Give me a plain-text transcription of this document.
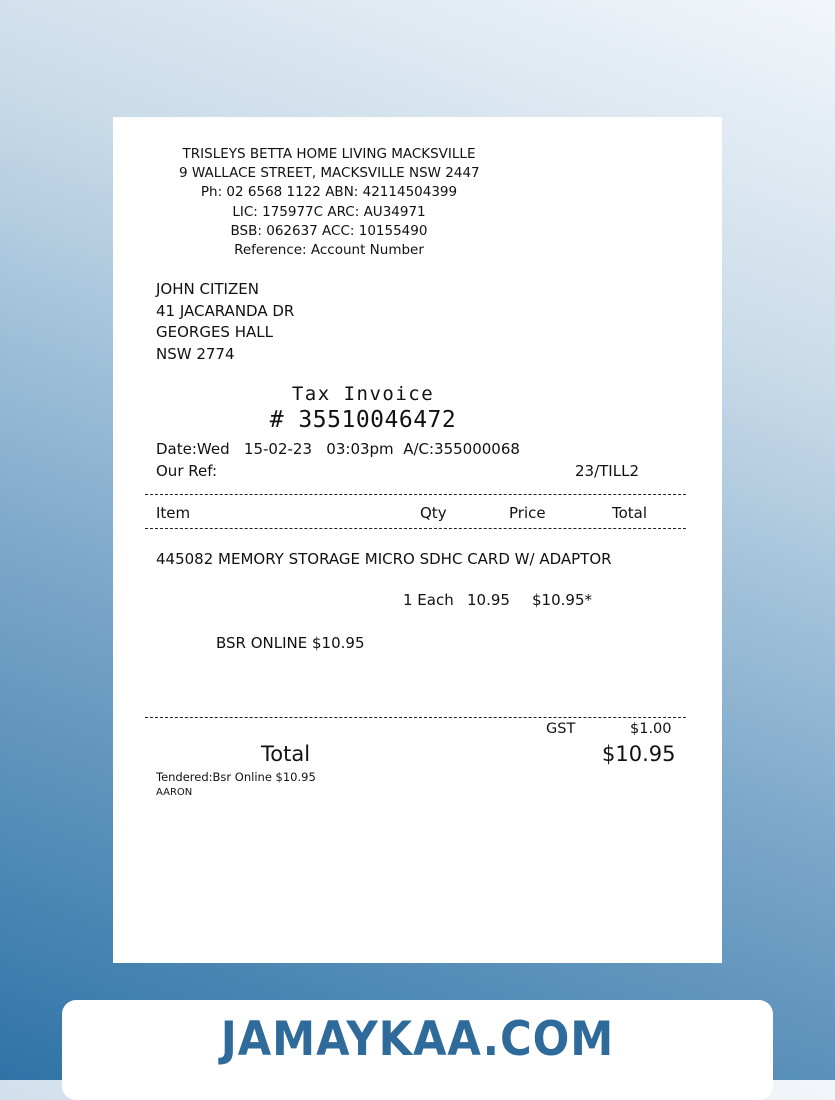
TRISLEYS BETTA HOME LIVING MACKSVILLE
9 WALLACE STREET, MACKSVILLE NSW 2447
Ph: 02 6568 1122 ABN: 42114504399
LIC: 175977C ARC: AU34971
BSB: 062637 ACC: 10155490
Reference: Account Number
JOHN CITIZEN
41 JACARANDA DR
GEORGES HALL
NSW 2774
Tax Invoice
# 35510046472
Date:Wed   15-02-23   03:03pm  A/C:355000068
Our Ref:	23/TILL2
Item	Qty	Price	Total
445082 MEMORY STORAGE MICRO SDHC CARD W/ ADAPTOR
1 Each 10.95 $10.95*
BSR ONLINE $10.95
GST	$1.00
Total	$10.95
Tendered:Bsr Online $10.95
AARON
JAMAYKAA.COM
